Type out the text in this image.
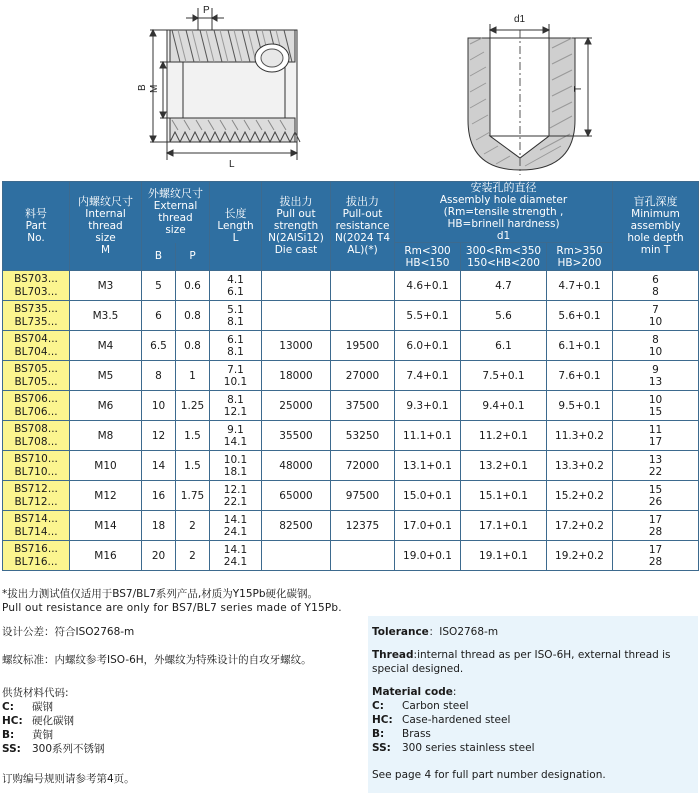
P
B M
L
d1
T
料号
Part
No.	内螺纹尺寸
Internal
thread
size
M	外螺纹尺寸
External
thread
size		长度
Length
L	拔出力
Pull out
strength
N(2AlSi12)
Die cast	拔出力
Pull-out
resistance
N(2024 T4
AL)(*)	安装孔的直径
Assembly hole diameter
(Rm=tensile strength ,
HB=brinell hardness)
d1			盲孔深度
Minimum
assembly
hole depth
min T

		B	P				Rm<300
HB<150	300<Rm<350
150<HB<200	Rm>350
HB>200	

BS703...
BL703...	M3	5	0.6	4.1
6.1			4.6+0.1	4.7	4.7+0.1	6
8

BS735...
BL735...	M3.5	6	0.8	5.1
8.1			5.5+0.1	5.6	5.6+0.1	7
10

BS704...
BL704...	M4	6.5	0.8	6.1
8.1	13000	19500	6.0+0.1	6.1	6.1+0.1	8
10

BS705...
BL705...	M5	8	1	7.1
10.1	18000	27000	7.4+0.1	7.5+0.1	7.6+0.1	9
13

BS706...
BL706...	M6	10	1.25	8.1
12.1	25000	37500	9.3+0.1	9.4+0.1	9.5+0.1	10
15

BS708...
BL708...	M8	12	1.5	9.1
14.1	35500	53250	11.1+0.1	11.2+0.1	11.3+0.2	11
17

BS710...
BL710...	M10	14	1.5	10.1
18.1	48000	72000	13.1+0.1	13.2+0.1	13.3+0.2	13
22

BS712...
BL712...	M12	16	1.75	12.1
22.1	65000	97500	15.0+0.1	15.1+0.1	15.2+0.2	15
26

BS714...
BL714...	M14	18	2	14.1
24.1	82500	12375	17.0+0.1	17.1+0.1	17.2+0.2	17
28

BS716...
BL716...	M16	20	2	14.1
24.1			19.0+0.1	19.1+0.1	19.2+0.2	17
28
*拔出力测试值仅适用于BS7/BL7系列产品,材质为Y15Pb硬化碳钢。
Pull out resistance are only for BS7/BL7 series made of Y15Pb.
设计公差：符合ISO2768-m
螺纹标准：内螺纹参考ISO-6H，外螺纹为特殊设计的自攻牙螺纹。
供货材料代码:
C:	碳钢
HC: 硬化碳钢
B:	黄铜
SS:	300系列不锈钢
订购编号规则请参考第4页。
Tolerance：ISO2768-m
Thread:internal thread as per ISO-6H, external thread is special designed.
Material code:
C:	Carbon steel
HC: Case-hardened steel
B:	Brass
SS:	300 series stainless steel
See page 4 for full part number designation.
